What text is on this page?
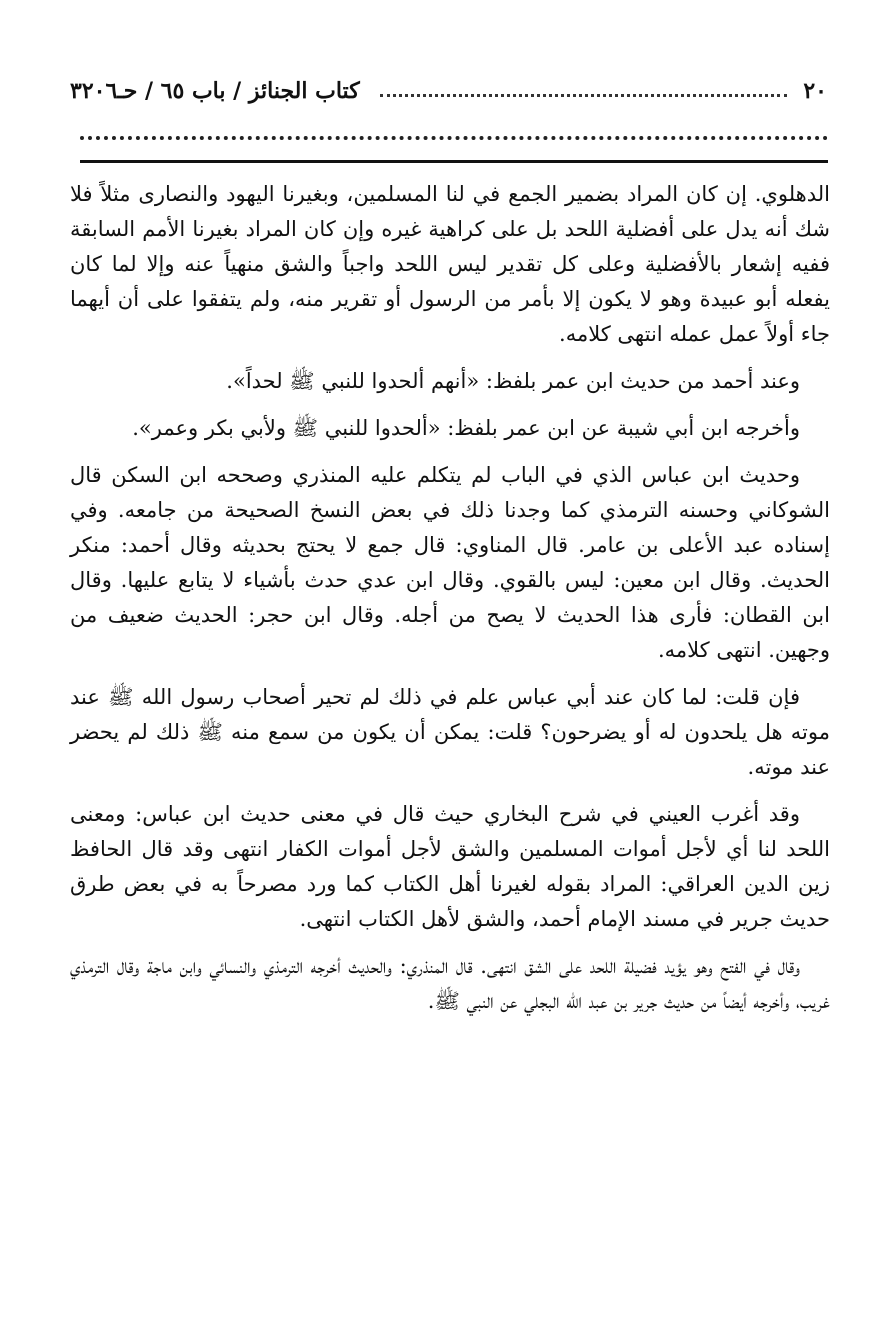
٢٠
كتاب الجنائز / باب ٦٥ / حـ٣٢٠٦

الدهلوي. إن كان المراد بضمير الجمع في لنا المسلمين، وبغيرنا اليهود والنصارى مثلاً فلا شك أنه يدل على أفضلية اللحد بل على كراهية غيره وإن كان المراد بغيرنا الأمم السابقة ففيه إشعار بالأفضلية وعلى كل تقدير ليس اللحد واجباً والشق منهياً عنه وإلا لما كان يفعله أبو عبيدة وهو لا يكون إلا بأمر من الرسول أو تقرير منه، ولم يتفقوا على أن أيهما جاء أولاً عمل عمله انتهى كلامه.

وعند أحمد من حديث ابن عمر بلفظ: «أنهم ألحدوا للنبي ﷺ لحداً».

وأخرجه ابن أبي شيبة عن ابن عمر بلفظ: «ألحدوا للنبي ﷺ ولأبي بكر وعمر».

وحديث ابن عباس الذي في الباب لم يتكلم عليه المنذري وصححه ابن السكن قال الشوكاني وحسنه الترمذي كما وجدنا ذلك في بعض النسخ الصحيحة من جامعه. وفي إسناده عبد الأعلى بن عامر. قال المناوي: قال جمع لا يحتج بحديثه وقال أحمد: منكر الحديث. وقال ابن معين: ليس بالقوي. وقال ابن عدي حدث بأشياء لا يتابع عليها. وقال ابن القطان: فأرى هذا الحديث لا يصح من أجله. وقال ابن حجر: الحديث ضعيف من وجهين. انتهى كلامه.

فإن قلت: لما كان عند أبي عباس علم في ذلك لم تحير أصحاب رسول الله ﷺ عند موته هل يلحدون له أو يضرحون؟ قلت: يمكن أن يكون من سمع منه ﷺ ذلك لم يحضر عند موته.

وقد أغرب العيني في شرح البخاري حيث قال في معنى حديث ابن عباس: ومعنى اللحد لنا أي لأجل أموات المسلمين والشق لأجل أموات الكفار انتهى وقد قال الحافظ زين الدين العراقي: المراد بقوله لغيرنا أهل الكتاب كما ورد مصرحاً به في بعض طرق حديث جرير في مسند الإمام أحمد، والشق لأهل الكتاب انتهى.

وقال في الفتح وهو يؤيد فضيلة اللحد على الشق انتهى. قال المنذري: والحديث أخرجه الترمذي والنسائي وابن ماجة وقال الترمذي غريب، وأخرجه أيضاً من حديث جرير بن عبد الله البجلي عن النبي ﷺ.
